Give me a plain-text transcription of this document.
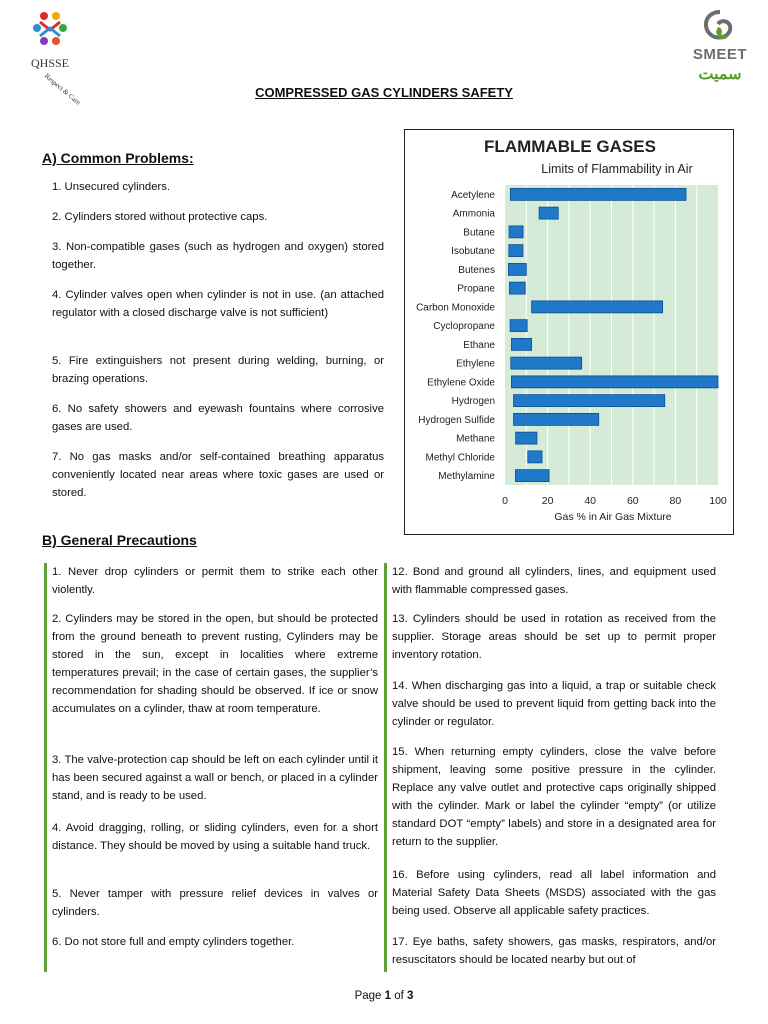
QHSSE
Respect & Care
SMEET
سميت
COMPRESSED GAS CYLINDERS SAFETY
A) Common Problems:
1. Unsecured cylinders.
2. Cylinders stored without protective caps.
3. Non-compatible gases (such as hydrogen and oxygen) stored together.
4. Cylinder valves open when cylinder is not in use. (an attached regulator with a closed discharge valve is not sufficient)
5. Fire extinguishers not present during welding, burning, or brazing operations.
6. No safety showers and eyewash fountains where corrosive gases are used.
7. No gas masks and/or self-contained breathing apparatus conveniently located near areas where toxic gases are used or stored.
FLAMMABLE GASES
Limits of Flammability in Air
Acetylene
Ammonia
Butane
Isobutane
Butenes
Propane
Carbon Monoxide
Cyclopropane
Ethane
Ethylene
Ethylene Oxide
Hydrogen
Hydrogen Sulfide
Methane
Methyl Chloride
Methylamine
0	20	40	60	80	100
Gas % in Air Gas Mixture
B) General Precautions
1. Never drop cylinders or permit them to strike each other violently.
2. Cylinders may be stored in the open, but should be protected from the ground beneath to prevent rusting, Cylinders may be stored in the sun, except in localities where extreme temperatures prevail; in the case of certain gases, the supplier’s recommendation for shading should be observed. If ice or snow accumulates on a cylinder, thaw at room temperature.
3. The valve-protection cap should be left on each cylinder until it has been secured against a wall or bench, or placed in a cylinder stand, and is ready to be used.
4. Avoid dragging, rolling, or sliding cylinders, even for a short distance. They should be moved by using a suitable hand truck.
5. Never tamper with pressure relief devices in valves or cylinders.
6. Do not store full and empty cylinders together.
12. Bond and ground all cylinders, lines, and equipment used with flammable compressed gases.
13. Cylinders should be used in rotation as received from the supplier. Storage areas should be set up to permit proper inventory rotation.
14. When discharging gas into a liquid, a trap or suitable check valve should be used to prevent liquid from getting back into the cylinder or regulator.
15. When returning empty cylinders, close the valve before shipment, leaving some positive pressure in the cylinder. Replace any valve outlet and protective caps originally shipped with the cylinder. Mark or label the cylinder “empty” (or utilize standard DOT “empty” labels) and store in a designated area for return to the supplier.
16. Before using cylinders, read all label information and Material Safety Data Sheets (MSDS) associated with the gas being used. Observe all applicable safety practices.
17. Eye baths, safety showers, gas masks, respirators, and/or resuscitators should be located nearby but out of
Page 1 of 3
